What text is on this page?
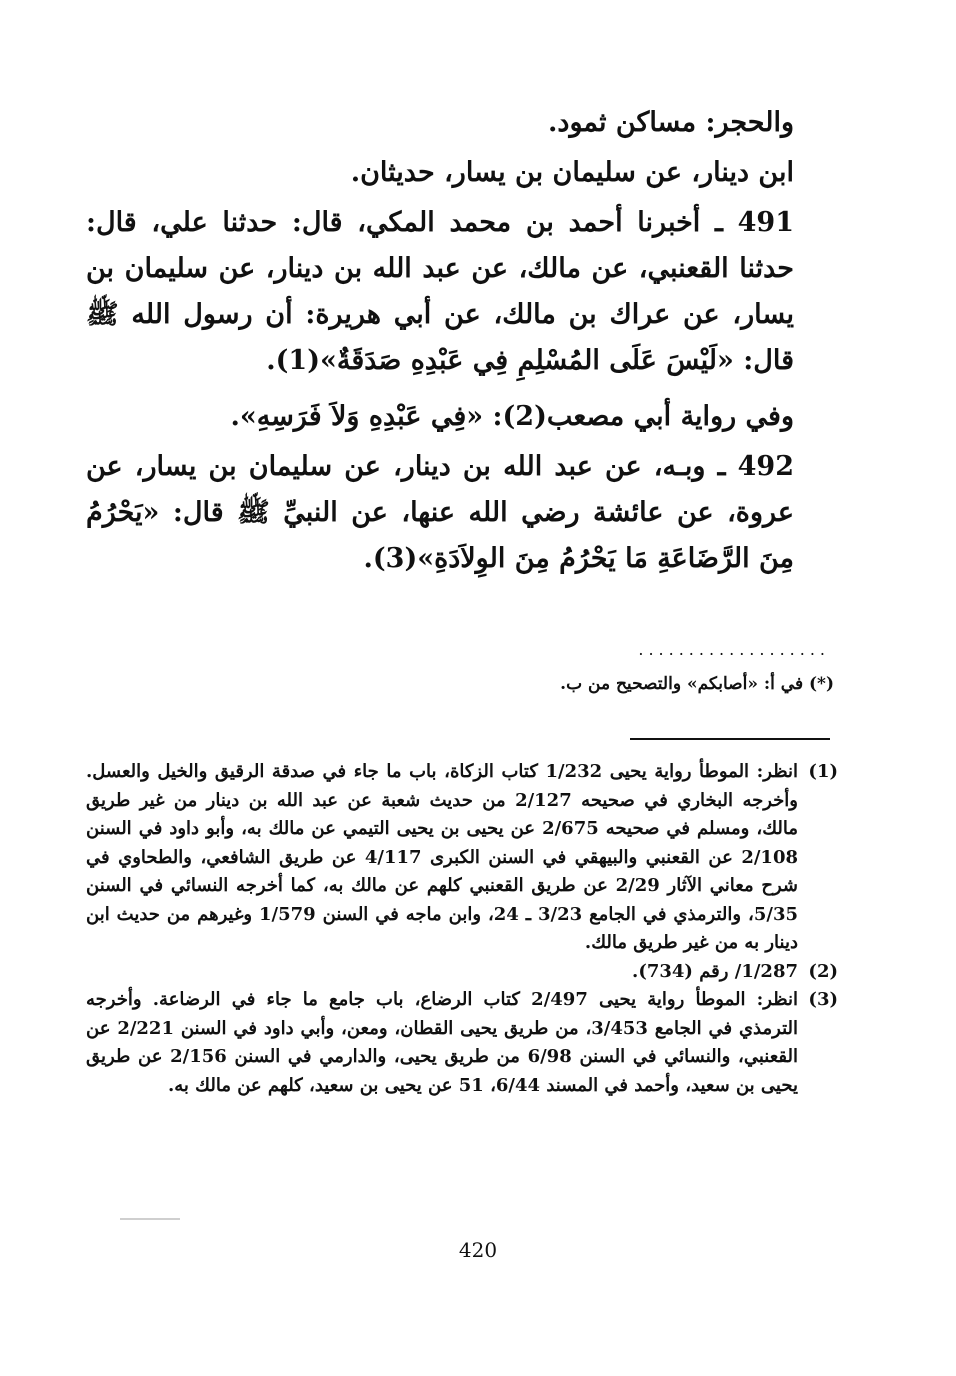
والحجر: مساكن ثمود.

ابن دينار، عن سليمان بن يسار، حديثان.

491 ـ أخبرنا أحمد بن محمد المكي، قال: حدثنا علي، قال: حدثنا القعنبي، عن مالك، عن عبد الله بن دينار، عن سليمان بن يسار، عن عراك بن مالك، عن أبي هريرة: أن رسول الله ﷺ قال: «لَيْسَ عَلَى المُسْلِمِ فِي عَبْدِهِ صَدَقَةٌ»(1).

وفي رواية أبي مصعب(2): «فِي عَبْدِهِ وَلاَ فَرَسِهِ».

492 ـ وبـه، عن عبد الله بن دينار، عن سليمان بن يسار، عن عروة، عن عائشة رضي الله عنها، عن النبيِّ ﷺ قال: «يَحْرُمُ مِنَ الرَّضَاعَةِ مَا يَحْرُمُ مِنَ الوِلاَدَةِ»(3).

...................
(*) في أ: «أصابكم» والتصحيح من ب.
(1)
انظر: الموطأ رواية يحيى 1/232 كتاب الزكاة، باب ما جاء في صدقة الرقيق والخيل والعسل. وأخرجه البخاري في صحيحه 2/127 من حديث شعبة عن عبد الله بن دينار من غير طريق مالك، ومسلم في صحيحه 2/675 عن يحيى بن يحيى التيمي عن مالك به، وأبو داود في السنن 2/108 عن القعنبي والبيهقي في السنن الكبرى 4/117 عن طريق الشافعي، والطحاوي في شرح معاني الآثار 2/29 عن طريق القعنبي كلهم عن مالك به، كما أخرجه النسائي في السنن 5/35، والترمذي في الجامع 3/23 ـ 24، وابن ماجه في السنن 1/579 وغيرهم من حديث ابن دينار به من غير طريق مالك.
(2)
1/287/ رقم (734).
(3)
انظر: الموطأ رواية يحيى 2/497 كتاب الرضاع، باب جامع ما جاء في الرضاعة. وأخرجه الترمذي في الجامع 3/453، من طريق يحيى القطان، ومعن، وأبي داود في السنن 2/221 عن القعنبي، والنسائي في السنن 6/98 من طريق يحيى، والدارمي في السنن 2/156 عن طريق يحيى بن سعيد، وأحمد في المسند 6/44، 51 عن يحيى بن سعيد، كلهم عن مالك به.
420
